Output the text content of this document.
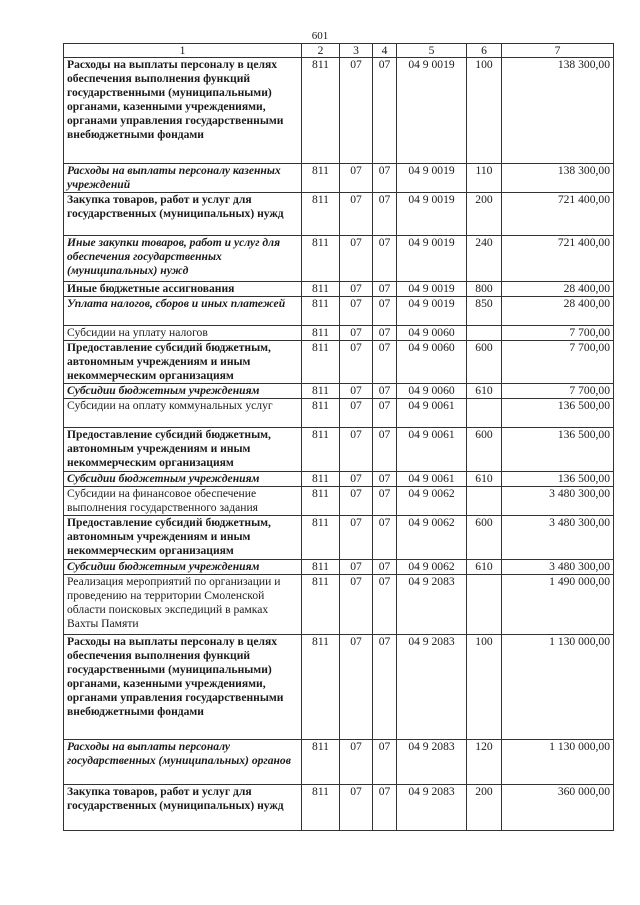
601
1	2	3	4	5	6	7
Расходы на выплаты персоналу в целях обеспечения выполнения функций государственными (муниципальными) органами, казенными учреждениями, органами управления государственными внебюджетными фондами	811	07	07	04 9 0019	100	138 300,00
Расходы на выплаты персоналу казенных учреждений	811	07	07	04 9 0019	110	138 300,00
Закупка товаров, работ и услуг для государственных (муниципальных) нужд	811	07	07	04 9 0019	200	721 400,00
Иные закупки товаров, работ и услуг для обеспечения государственных (муниципальных) нужд	811	07	07	04 9 0019	240	721 400,00
Иные бюджетные ассигнования	811	07	07	04 9 0019	800	28 400,00
Уплата налогов, сборов и иных платежей	811	07	07	04 9 0019	850	28 400,00
Субсидии на уплату налогов	811	07	07	04 9 0060		7 700,00
Предоставление субсидий бюджетным, автономным учреждениям и иным некоммерческим организациям	811	07	07	04 9 0060	600	7 700,00
Субсидии бюджетным учреждениям	811	07	07	04 9 0060	610	7 700,00
Субсидии на оплату коммунальных услуг	811	07	07	04 9 0061		136 500,00
Предоставление субсидий бюджетным, автономным учреждениям и иным некоммерческим организациям	811	07	07	04 9 0061	600	136 500,00
Субсидии бюджетным учреждениям	811	07	07	04 9 0061	610	136 500,00
Субсидии на финансовое обеспечение выполнения государственного задания	811	07	07	04 9 0062		3 480 300,00
Предоставление субсидий бюджетным, автономным учреждениям и иным некоммерческим организациям	811	07	07	04 9 0062	600	3 480 300,00
Субсидии бюджетным учреждениям	811	07	07	04 9 0062	610	3 480 300,00
Реализация мероприятий по организации и проведению на территории Смоленской области поисковых экспедиций в рамках Вахты Памяти	811	07	07	04 9 2083		1 490 000,00
Расходы на выплаты персоналу в целях обеспечения выполнения функций государственными (муниципальными) органами, казенными учреждениями, органами управления государственными внебюджетными фондами	811	07	07	04 9 2083	100	1 130 000,00
Расходы на выплаты персоналу государственных (муниципальных) органов	811	07	07	04 9 2083	120	1 130 000,00
Закупка товаров, работ и услуг для государственных (муниципальных) нужд	811	07	07	04 9 2083	200	360 000,00
